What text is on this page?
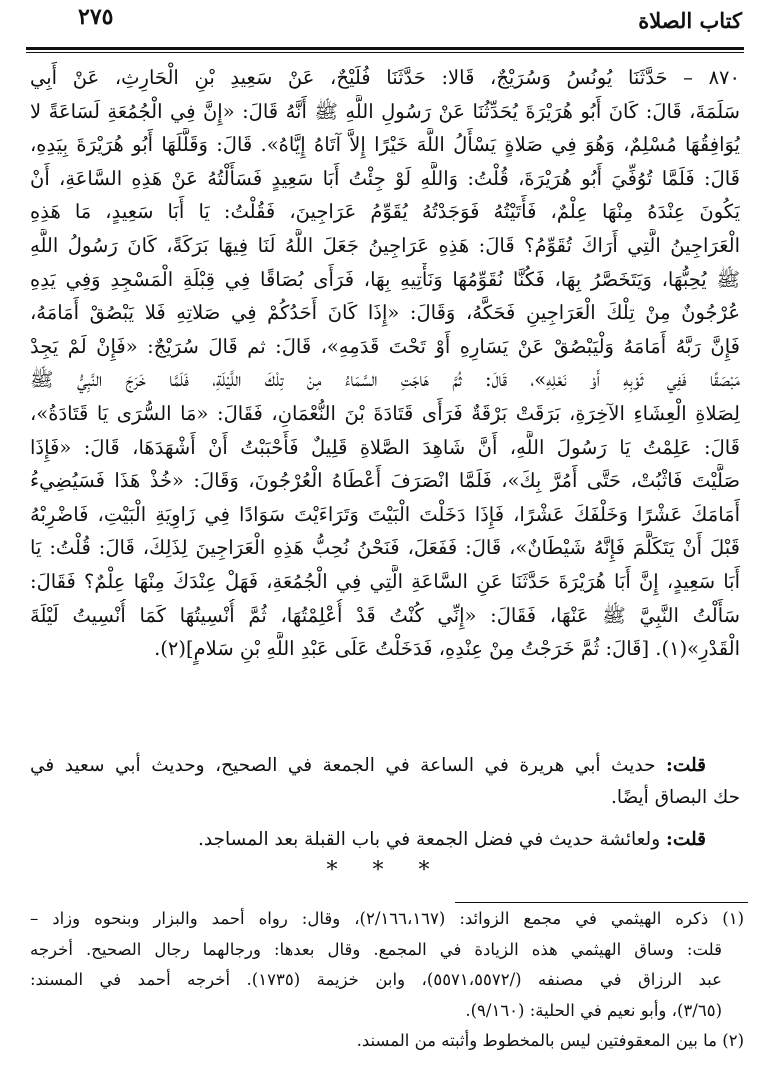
٢٧٥	كتاب الصلاة
٨٧٠ – حَدَّثَنَا يُونُسُ وَسُرَيْجٌ، قَالا: حَدَّثَنَا فُلَيْحٌ، عَنْ سَعِيدِ بْنِ الْحَارِثِ، عَنْ أَبِي
سَلَمَةَ، قَالَ: كَانَ أَبُو هُرَيْرَةَ يُحَدِّثُنَا عَنْ رَسُولِ اللَّهِ ﷺ أَنَّهُ قَالَ: «إِنَّ فِي الْجُمُعَةِ لَسَاعَةً لا
يُوَافِقُهَا مُسْلِمٌ، وَهُوَ فِي صَلاةٍ يَسْأَلُ اللَّهَ خَيْرًا إِلاَّ آتَاهُ إِيَّاهُ». قَالَ: وَقَلَّلَهَا أَبُو هُرَيْرَةَ بِيَدِهِ،
قَالَ: فَلَمَّا تُوُفِّيَ أَبُو هُرَيْرَةَ، قُلْتُ: وَاللَّهِ لَوْ جِئْتُ أَبَا سَعِيدٍ فَسَأَلْتُهُ عَنْ هَذِهِ السَّاعَةِ، أَنْ
يَكُونَ عِنْدَهُ مِنْهَا عِلْمٌ، فَأَتَيْتُهُ فَوَجَدْتُهُ يُقَوِّمُ عَرَاجِينَ، فَقُلْتُ: يَا أَبَا سَعِيدٍ، مَا هَذِهِ
الْعَرَاجِينُ الَّتِي أَرَاكَ تُقَوِّمُ؟ قَالَ: هَذِهِ عَرَاجِينُ جَعَلَ اللَّهُ لَنَا فِيهَا بَرَكَةً، كَانَ رَسُولُ اللَّهِ
ﷺ يُحِبُّهَا، وَيَتَخَصَّرُ بِهَا، فَكُنَّا نُقَوِّمُهَا وَنَأْتِيهِ بِهَا، فَرَأَى بُصَاقًا فِي قِبْلَةِ الْمَسْجِدِ وَفِي يَدِهِ
عُرْجُونٌ مِنْ تِلْكَ الْعَرَاجِينِ فَحَكَّهُ، وَقَالَ: «إِذَا كَانَ أَحَدُكُمْ فِي صَلاتِهِ فَلا يَبْصُقْ أَمَامَهُ،
فَإِنَّ رَبَّهُ أَمَامَهُ وَلْيَبْصُقْ عَنْ يَسَارِهِ أَوْ تَحْتَ قَدَمِهِ»، قَالَ: ثم قَالَ سُرَيْجٌ: «فَإِنْ لَمْ يَجِدْ
مَبْصَقًا فَفِي ثَوْبِهِ أَوْ نَعْلِهِ»، قَالَ: ثُمَّ هَاجَتِ السَّمَاءُ مِنْ تِلْكَ اللَّيْلَةِ، فَلَمَّا خَرَجَ النَّبِيُّ ﷺ
لِصَلاةِ الْعِشَاءِ الآخِرَةِ، بَرَقَتْ بَرْقَةٌ فَرَأَى قَتَادَةَ بْنَ النُّعْمَانِ، فَقَالَ: «مَا السُّرَى يَا قَتَادَةُ»،
قَالَ: عَلِمْتُ يَا رَسُولَ اللَّهِ، أَنَّ شَاهِدَ الصَّلاةِ قَلِيلٌ فَأَحْبَبْتُ أَنْ أَشْهَدَهَا، قَالَ: «فَإِذَا
صَلَّيْتَ فَاثْبُتْ، حَتَّى أَمُرَّ بِكَ»، فَلَمَّا انْصَرَفَ أَعْطَاهُ الْعُرْجُونَ، وَقَالَ: «خُذْ هَذَا فَسَيُضِيءُ
أَمَامَكَ عَشْرًا وَخَلْفَكَ عَشْرًا، فَإِذَا دَخَلْتَ الْبَيْتَ وَتَرَاءَيْتَ سَوَادًا فِي زَاوِيَةِ الْبَيْتِ، فَاضْرِبْهُ
قَبْلَ أَنْ يَتَكَلَّمَ فَإِنَّهُ شَيْطَانٌ»، قَالَ: فَفَعَلَ، فَنَحْنُ نُحِبُّ هَذِهِ الْعَرَاجِينَ لِذَلِكَ، قَالَ: قُلْتُ: يَا
أَبَا سَعِيدٍ، إِنَّ أَبَا هُرَيْرَةَ حَدَّثَنَا عَنِ السَّاعَةِ الَّتِي فِي الْجُمُعَةِ، فَهَلْ عِنْدَكَ مِنْهَا عِلْمٌ؟ فَقَالَ:
سَأَلْتُ النَّبِيَّ ﷺ عَنْهَا، فَقَالَ: «إِنِّي كُنْتُ قَدْ أُعْلِمْتُهَا، ثُمَّ أُنْسِيتُهَا كَمَا أُنْسِيتُ لَيْلَةَ
الْقَدْرِ»(١). [قَالَ: ثُمَّ خَرَجْتُ مِنْ عِنْدِهِ، فَدَخَلْتُ عَلَى عَبْدِ اللَّهِ بْنِ سَلامٍ](٢).
قلت: حديث أبي هريرة في الساعة في الجمعة في الصحيح، وحديث أبي سعيد في
حك البصاق أيضًا.
قلت: ولعائشة حديث في فضل الجمعة في باب القبلة بعد المساجد.
* * *
(١) ذكره الهيثمي في مجمع الزوائد: (٢/١٦٦،١٦٧)، وقال: رواه أحمد والبزار وبنحوه وزاد –
قلت: وساق الهيثمي هذه الزيادة في المجمع. وقال بعدها: ورجالهما رجال الصحيح. أخرجه
عبد الرزاق في مصنفه (/٥٥٧١،٥٥٧٢)، وابن خزيمة (١٧٣٥). أخرجه أحمد في المسند:
(٣/٦٥)، وأبو نعيم في الحلية: (٩/١٦٠).
(٢) ما بين المعقوفتين ليس بالمخطوط وأثبته من المسند.
